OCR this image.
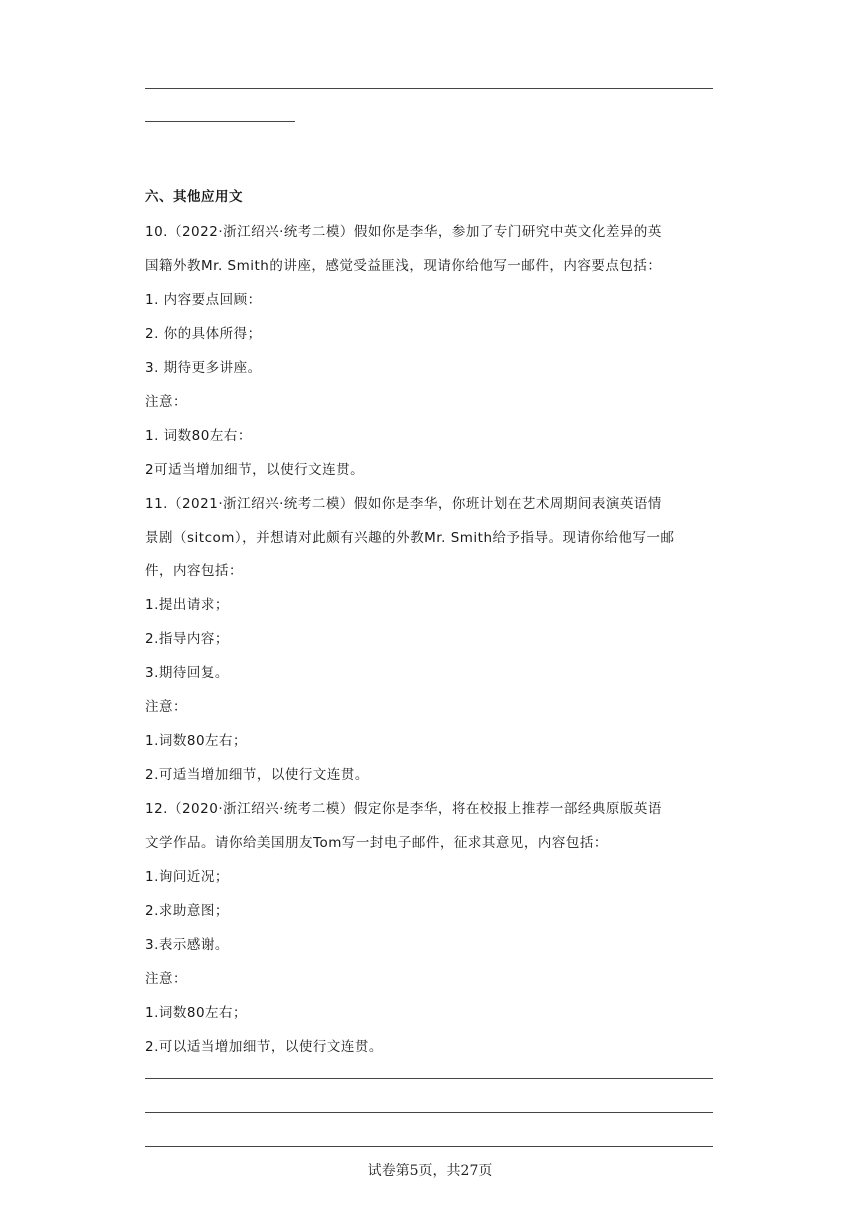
六、其他应用文
10.（2022·浙江绍兴·统考二模）假如你是李华，参加了专门研究中英文化差异的英
国籍外教Mr. Smith的讲座，感觉受益匪浅，现请你给他写一邮件，内容要点包括：
1. 内容要点回顾：
2. 你的具体所得；
3. 期待更多讲座。
注意：
1. 词数80左右：
2可适当增加细节，以使行文连贯。
11.（2021·浙江绍兴·统考二模）假如你是李华，你班计划在艺术周期间表演英语情
景剧（sitcom），并想请对此颇有兴趣的外教Mr. Smith给予指导。现请你给他写一邮
件，内容包括：
1.提出请求；
2.指导内容；
3.期待回复。
注意：
1.词数80左右；
2.可适当增加细节，以使行文连贯。
12.（2020·浙江绍兴·统考二模）假定你是李华，将在校报上推荐一部经典原版英语
文学作品。请你给美国朋友Tom写一封电子邮件，征求其意见，内容包括：
1.询问近况；
2.求助意图；
3.表示感谢。
注意：
1.词数80左右；
2.可以适当增加细节，以使行文连贯。
试卷第5页，共27页
